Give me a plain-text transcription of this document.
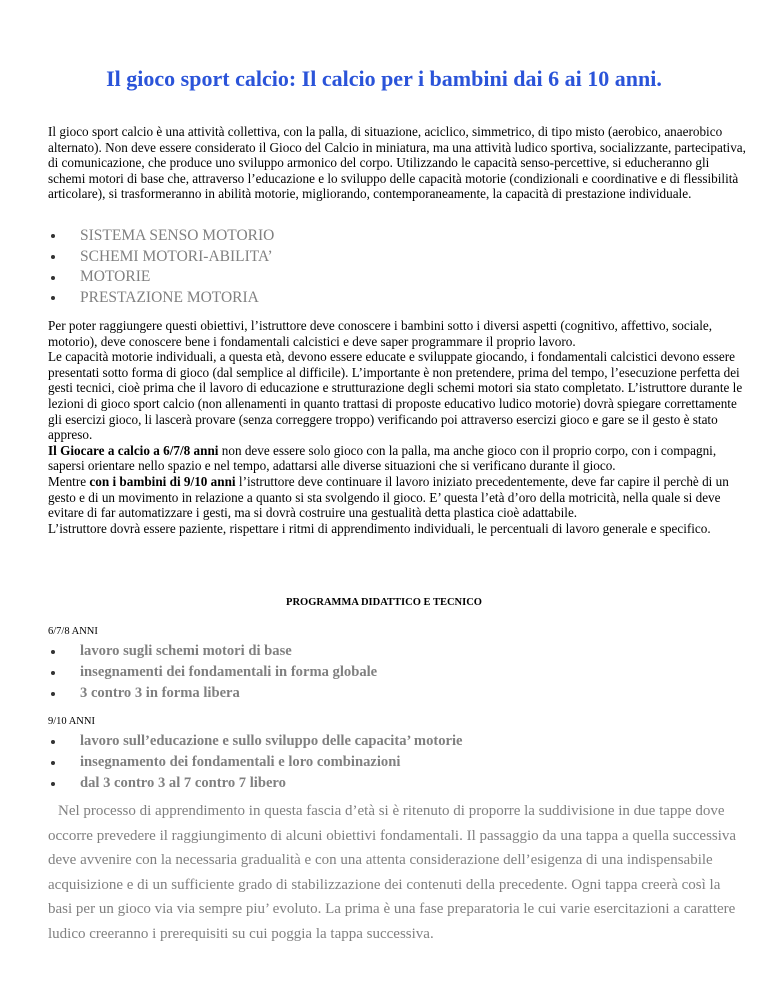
Il gioco sport calcio: Il calcio per i bambini dai 6 ai 10 anni.

Il gioco sport calcio è una attività collettiva, con la palla, di situazione, aciclico, simmetrico, di tipo misto (aerobico, anaerobico alternato). Non deve essere considerato il Gioco del Calcio in miniatura, ma una attività ludico sportiva, socializzante, partecipativa, di comunicazione, che produce uno sviluppo armonico del corpo. Utilizzando le capacità senso-percettive, si educheranno gli schemi motori di base che, attraverso l’educazione e lo sviluppo delle capacità motorie (condizionali e coordinative e di flessibilità articolare), si trasformeranno in abilità motorie, migliorando, contemporaneamente, la capacità di prestazione individuale.

SISTEMA SENSO MOTORIO
SCHEMI MOTORI-ABILITA’
MOTORIE
PRESTAZIONE MOTORIA
Per poter raggiungere questi obiettivi, l’istruttore deve conoscere i bambini sotto i diversi aspetti (cognitivo, affettivo, sociale, motorio), deve conoscere bene i fondamentali calcistici e deve saper programmare il proprio lavoro.
Le capacità motorie individuali, a questa età, devono essere educate e sviluppate giocando, i fondamentali calcistici devono essere presentati sotto forma di gioco (dal semplice al difficile). L’importante è non pretendere, prima del tempo, l’esecuzione perfetta dei gesti tecnici, cioè prima che il lavoro di educazione e strutturazione degli schemi motori sia stato completato. L’istruttore durante le lezioni di gioco sport calcio (non allenamenti in quanto trattasi di proposte educativo ludico motorie) dovrà spiegare correttamente gli esercizi gioco, li lascerà provare (senza correggere troppo) verificando poi attraverso esercizi gioco e gare se il gesto è stato appreso.
Il Giocare a calcio a 6/7/8 anni non deve essere solo gioco con la palla, ma anche gioco con il proprio corpo, con i compagni, sapersi orientare nello spazio e nel tempo, adattarsi alle diverse situazioni che si verificano durante il gioco.
Mentre con i bambini di 9/10 anni l’istruttore deve continuare il lavoro iniziato precedentemente, deve far capire il perchè di un gesto e di un movimento in relazione a quanto si sta svolgendo il gioco. E’ questa l’età d’oro della motricità, nella quale si deve evitare di far automatizzare i gesti, ma si dovrà costruire una gestualità detta plastica cioè adattabile.
L’istruttore dovrà essere paziente, rispettare i ritmi di apprendimento individuali, le percentuali di lavoro generale e specifico.

PROGRAMMA DIDATTICO E TECNICO

6/7/8 ANNI

lavoro sugli schemi motori di base
insegnamenti dei fondamentali in forma globale
3 contro 3 in forma libera

9/10 ANNI

lavoro sull’educazione e sullo sviluppo delle capacita’ motorie
insegnamento dei fondamentali e loro combinazioni
dal 3 contro 3 al 7 contro 7 libero

Nel processo di apprendimento in questa fascia d’età si è ritenuto di proporre la suddivisione in due tappe dove occorre prevedere il raggiungimento di alcuni obiettivi fondamentali. Il passaggio da una tappa a quella successiva deve avvenire con la necessaria gradualità e con una attenta considerazione dell’esigenza di una indispensabile acquisizione e di un sufficiente grado di stabilizzazione dei contenuti della precedente. Ogni tappa creerà così la basi per un gioco via via sempre piu’ evoluto. La prima è una fase preparatoria le cui varie esercitazioni a carattere ludico creeranno i prerequisiti su cui poggia la tappa successiva.
